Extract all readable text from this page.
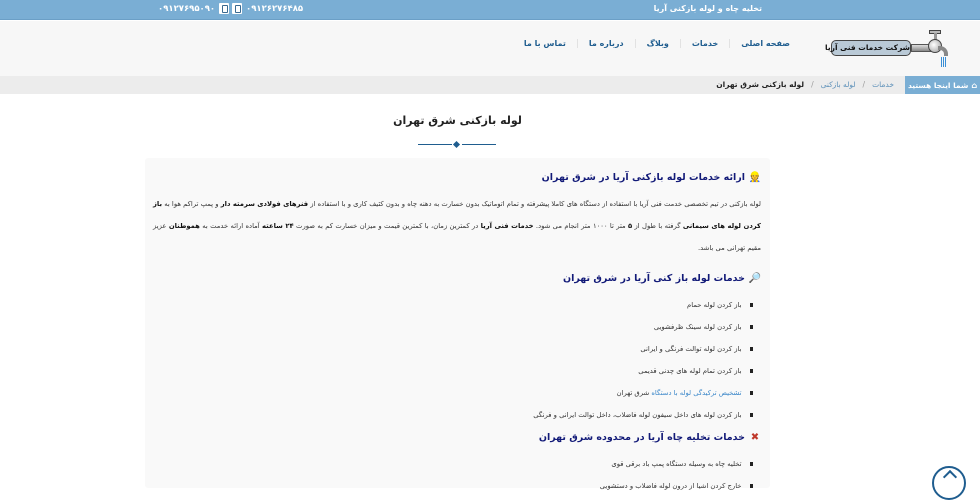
تخلیه چاه و لوله بازکنی آریا
۰۹۱۲۶۲۷۶۴۸۵
۰۹۱۲۷۶۹۵۰۹۰
شرکت خدمات فنی آریا
صفحه اصلی
خدمات
وبلاگ
درباره ما
تماس با ما
⌂
شما اینجا هستید
خدمات
/
لوله بازکنی
/
لوله بازکنی شرق تهران
لوله بازکنی شرق تهران
👷
ارائه خدمات لوله بازکنی آریا در شرق تهران

لوله بازکنی در تیم تخصصی خدمت فنی آریا با استفاده از دستگاه های کاملا پیشرفته و تمام اتوماتیک بدون خسارت به دهنه چاه و بدون کثیف کاری و با استفاده از فنرهای فولادی سرمته دار و پمپ تراکم هوا به باز کردن لوله های سیمانی گرفته با طول از ۵ متر تا ۱۰۰۰ متر انجام می شود. خدمات فنی آریا در کمترین زمان، با کمترین قیمت و میزان خسارت کم به صورت ۲۴ ساعته آماده ارائه خدمت به هموطنان عزیز مقیم تهرانی می باشد.

🔎
خدمات لوله باز کنی آریا در شرق تهران
باز کردن لوله حمام
باز کردن لوله سینک ظرفشویی
باز کردن لوله توالت فرنگی و ایرانی
باز کردن تمام لوله های چدنی قدیمی
تشخیص ترکیدگی لوله با دستگاه شرق تهران
باز کردن لوله های داخل سیفون لوله فاضلاب، داخل توالت ایرانی و فرنگی
✖
خدمات تخلیه چاه آریا در محدوده شرق تهران
تخلیه چاه به وسیله دستگاه پمپ باد برقی قوی
خارج کردن اشیا از درون لوله فاضلاب و دستشویی
